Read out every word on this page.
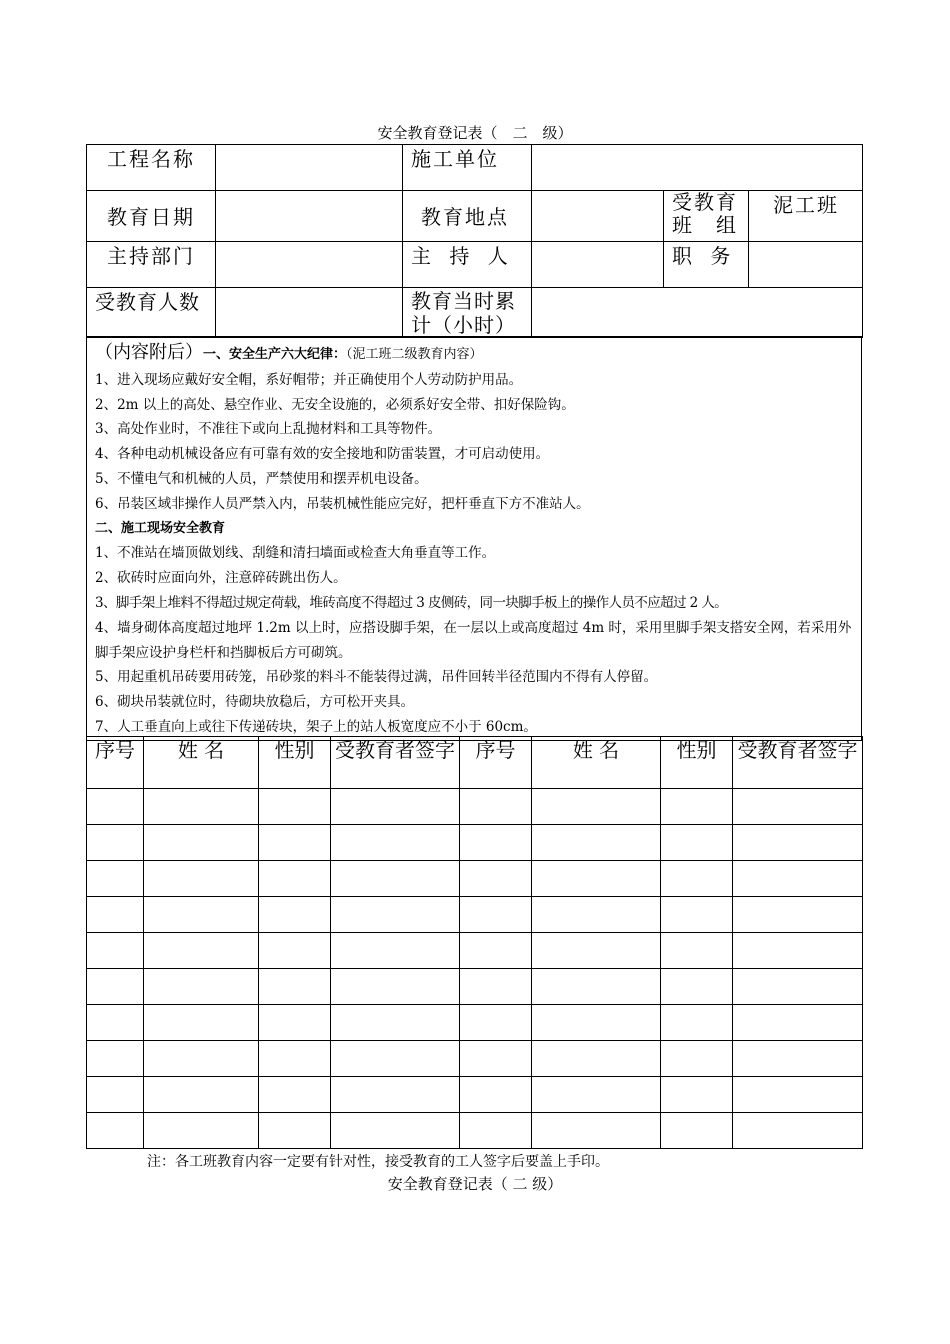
安全教育登记表（　二　级）
工程名称		施工单位			
教育日期		教育地点		受教育班　组	泥工班
主持部门		主 持 人		职 务	
受教育人数		教育当时累计（小时）			
（内容附后）一、安全生产六大纪律：（泥工班二级教育内容）
1、进入现场应戴好安全帽，系好帽带；并正确使用个人劳动防护用品。
2、2m 以上的高处、悬空作业、无安全设施的，必须系好安全带、扣好保险钩。
3、高处作业时，不准往下或向上乱抛材料和工具等物件。
4、各种电动机械设备应有可靠有效的安全接地和防雷装置，才可启动使用。
5、不懂电气和机械的人员，严禁使用和摆弄机电设备。
6、吊装区域非操作人员严禁入内，吊装机械性能应完好，把杆垂直下方不准站人。
二、施工现场安全教育
1、不准站在墙顶做划线、刮缝和清扫墙面或检查大角垂直等工作。
2、砍砖时应面向外，注意碎砖跳出伤人。
3、脚手架上堆料不得超过规定荷载，堆砖高度不得超过 3 皮侧砖，同一块脚手板上的操作人员不应超过 2 人。
4、墙身砌体高度超过地坪 1.2m 以上时，应搭设脚手架，在一层以上或高度超过 4m 时，采用里脚手架支搭安全网，若采用外脚手架应设护身栏杆和挡脚板后方可砌筑。
5、用起重机吊砖要用砖笼，吊砂浆的料斗不能装得过满，吊件回转半径范围内不得有人停留。
6、砌块吊装就位时，待砌块放稳后，方可松开夹具。
7、人工垂直向上或往下传递砖块，架子上的站人板宽度应不小于 60cm。
序号	姓 名	性别	受教育者签字	序号	姓 名	性别	受教育者签字

注：各工班教育内容一定要有针对性，接受教育的工人签字后要盖上手印。
安全教育登记表（ 二 级）
